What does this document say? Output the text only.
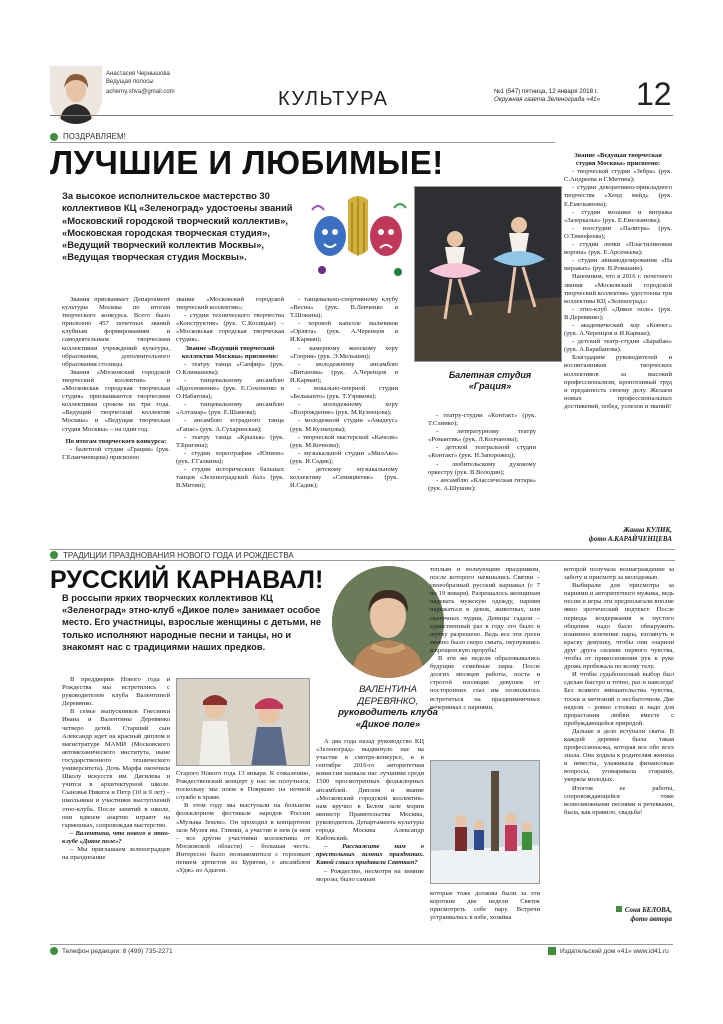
Анастасия Чернышова
Ведущая полосы
acherny.shva@gmail.com	КУЛЬТУРА	№1 (547) пятница, 12 января 2018 г.
Окружная газета Зеленограда «41»	12
ПОЗДРАВЛЯЕМ!
ЛУЧШИЕ И ЛЮБИМЫЕ!
За высокое исполнительское мастерство 30 коллективов КЦ «Зеленоград» удостоены званий «Московский городской творческий коллектив», «Московская городская творческая студия», «Ведущий творческий коллектив Москвы», «Ведущая творческая студия Москвы».
Балетная студия
«Грация»

Звания присваивает Департамент культуры Москвы по итогам творческого конкурса. Всего было присвоено 457 почетных званий клубным формированиям и самодеятельным творческим коллективам учреждений культуры, образования, дополнительного образования столицы.

Звания «Московский городской творческий коллектив» и «Московская городская творческая студия» присваиваются творческим коллективам сроком на три года. «Ведущий творческий коллектив Москвы» и «Ведущая творческая студия Москвы» – на один год.

По итогам творческого конкурса:

- балетной студии «Грация» (рук. Г.Еланчиевцева) присвоено

звание «Московский городской творческий коллектив»;

- студии технического творчества «Конструктив» (рук. С.Косицын) – «Московская городская творческая студия».

Звание «Ведущий творческий коллектив Москвы» присвоено:

- театру танца «Сапфир» (рук. О.Климашева);

- танцевальному ансамблю «Вдохновение» (рук. Е.Сохоненко и О.Набатова);

- танцевальному ансамблю «Алтамар» (рук. Е.Шамова);

- ансамблю эстрадного танца «Гапас» (рук. А.Сухаринская);

- театру танца «Крылья» (рук. Т.Бригина);

- студии хореографии «Юнион» (рук. Г.Галкина);

- студии исторических бальных танцев «Зеленоградский бал» (рук. В.Митин);

- танцевально-спортивному клубу «Весна» (рук. В.Левченко и Т.Шокина);

- хоровой капелле мальчиков «Орлята» (рук. А.Черенцов и И.Карман);

- камерному женскому хору «Глория» (рук. Э.Мельшин);

- молодежному ансамблю «Витанова» (рук. А.Черенцов и И.Карман);

- вокально-оперной студии «Бельканто» (рук. Т.Узрякова);

- молодежному хору «Возрождение» (рук. М.Кузнецова);

- молодежной студии «Амадеус» (рук. М.Кузнецова);

- творческой мастерской «Качели» (рук. М.Кочнова);

- музыкальной студии «МилАко» (рук. И.Садик);

- детскому музыкальному коллективу «Семицветик» (рук. И.Садик);

- театру-студии «Контакт» (рук. Т.Слинко);

- литературному театру «Романтик» (рук. Л.Колчанова);

- детской театральной студии «Контакт» (рук. Н.Запорожец);

- любительскому духовому оркестру (рук. В.Володин);

- ансамблю «Классическая гитара» (рук. А.Шушин);

Звание «Ведущая творческая студия Москвы» присвоено:

- творческой студии «Зебра» (рук. С.Андреева и Г.Митина);

- студии декоративно-прикладного творчества «Хенд мейд» (рук. Е.Емельянова);

- студии мозаики и витража «Зазеркалье» (рук. Е.Емельянова);

- изостудии «Палитра» (рук. О.Тимофеева);

- студии лепки «Пластилиновая ворона» (рук. Е.Арсеньева);

- студии авиамоделирования «На виражах» (рук. В.Ромашин).

Напомним, что в 2016 г. почетного звания «Московский городской творческий коллектив» удостоены три коллектива КЦ «Зеленоград»:

- этно-клуб «Дикое поле» (рук. В.Деревянко);

- академический хор «Ковчег» (рук. А.Черенцов и И.Карман);

- детский театр-студия «Барабан» (рук. А.Барабанова).

Благодарим руководителей и воспитанников творческих коллективов за высокий профессионализм, кропотливый труд и преданность своему делу. Желаем новых профессиональных достижений, побед, успехов и званий!

Жанна КУЛИК,
фото А.КАРАЙЧЕНЦЕВА
ТРАДИЦИИ ПРАЗДНОВАНИЯ НОВОГО ГОДА И РОЖДЕСТВА
РУССКИЙ КАРНАВАЛ!
В россыпи ярких творческих коллективов КЦ «Зеленоград» этно-клуб «Дикое поле» занимает особое место. Его участницы, взрослые женщины с детьми, не только исполняют народные песни и танцы, но и знакомят нас с традициями наших предков.
ВАЛЕНТИНА
ДЕРЕВЯНКО,
руководитель клуба
«Дикое поле»

В преддверии Нового года и Рождества мы встретились с руководителем клуба Валентиной Деревянко.

В семье выпускников Гнесинки Ивана и Валентины Деревянко четверо детей. Старший сын Александр идет на красный диплом в магистратуре МАМИ (Московского автомеханического института, ныне государственного технического университета). Дочь Марфа окончила Школу искусств им. Дягилева и учится в архитектурной школе. Сыновья Никита и Петр (10 и 9 лет) – школьники и участники выступлений этно-клуба. После занятий в школе, они вдвоем азартно играют на гармошках, сопровождая мастерство.

– Валентина, что нового в этно-клубе «Дикое поле»?

– Мы приглашаем зеленоградцев на праздноание

Старого Нового года 13 января. К сожалению, Рождественский концерт у нас не получился, поскольку мы поем в Поярково на ночной службе в храме.

В этом году мы выступали на большом фольклорном фестивале народов России «Музыка Земли». Он проходил в концертном зале Музея им. Глинки, а участие в нем (в нем – все другие участники коллективы от Московской области) – большая честь. Интересно было познакомиться с горловым пением артистов из Бурятии, с ансамблем «Удж» из Адыгеи.

А два года назад руководство КЦ «Зеленоград» выдвинуло нас на участие в смотре-конкурсе, и в сентябре 2016-го авторитетная комиссия назвала нас лучшими среди 1500 просмотренных фольклорных ансамблей. Диплом и звание «Московский городской коллектив» нам вручил в Белом зале мэрии министр Правительства Москвы, руководитель Департамента культуры города Москвы Александр Кибовский.

– Расскажите нам о престольных зимних праздниках. Какой смысл придавали Святкам?

– Рождество, несмотря на зимние морозы, было самым

теплым и волнующим праздником, после которого начинались Святки – своеобразный русский карнавал (с 7 по 19 января). Разрешалось женщинам надевать мужскую одежду, парням наряжаться в девок, животных, или сказочных чудищ. Девицы гадали – единственный раз в году это было в шутку разрешено. Ведь все эти грехи можно было скоро смыть, окунувшись в крещенскую прорубь!

В эти же недели образовывались будущие семейные пары. После долгих месяцев работы, поста и строгой изоляции девушек от посторонних глаз им позволялось встретиться на празднимничных вечеринках с парнями,

которые тоже должны были за эти короткие две недели Святок присмотреть себе пару. Встречи устраивались в избе, хозяйка

которой получала вознаграждение за заботу и присмотр за молодежью.

Выбирали для присмотра за парнями и авторитетного мужика, ведь песни и игры эти предполагали вполне явно эротический подтекст. После периода воздержания и пустого общения надо было обнаружить взаимное влечение пары, взглянуть в краску девушку, чтобы они озарили друг друга силами первого чувства, чтобы от прикосновения рук к руке дрожь пробежала по всему телу.

И чтобы судьбоносный выбор был сделан быстро и точно, раз и навсегда! Без всякого вмешательства чувства, тоски и мечтаний о несбыточном. Две недели – ровно столько и надо для прорастания любви вместе с пробуждающейся природой.

Дальше в дело вступали сваты. В каждой деревне была такая профессионалка, которая все обо всех знала. Она ходила к родителям жениха и невесты, улаживала финансовые вопросы, уговаривала старших, уверяла молодых.

Итогом ее работы, сопровождающейся тоже всевозможными песнями и речевками, была, как правило, свадьба!

Соня БЕЛОВА,
фото автора
Телефон редакции: 8 (499) 735-2271	Издательский дом «41» www.id41.ru
